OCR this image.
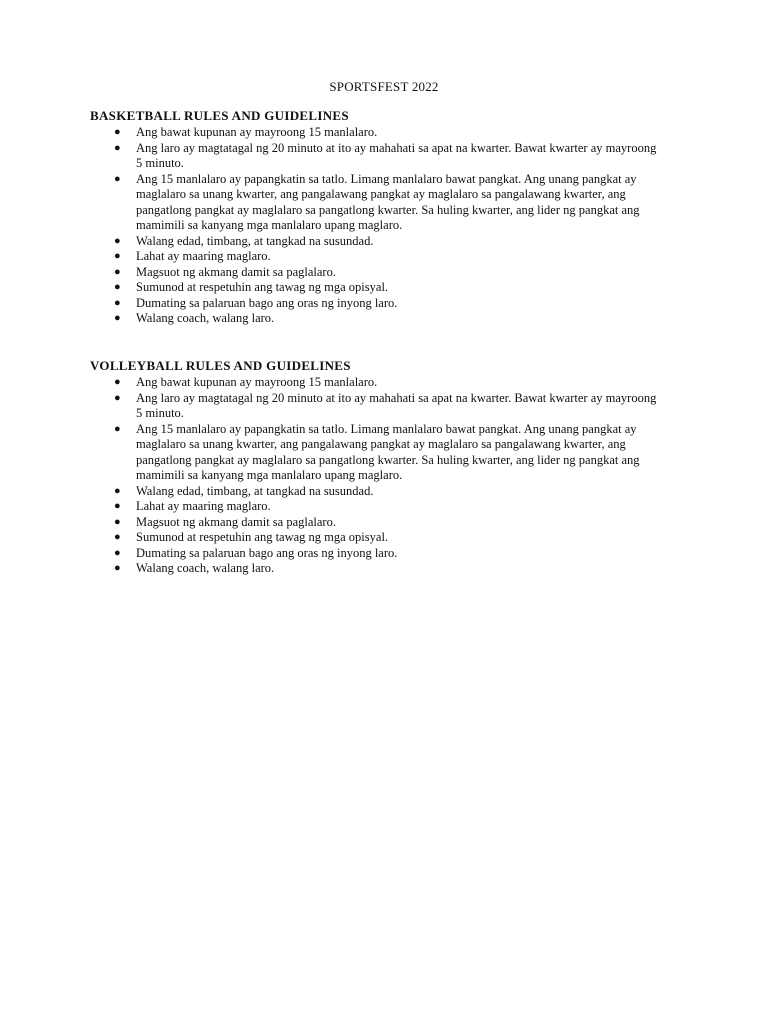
SPORTSFEST 2022
BASKETBALL RULES AND GUIDELINES
● Ang bawat kupunan ay mayroong 15 manlalaro.
● Ang laro ay magtatagal ng 20 minuto at ito ay mahahati sa apat na kwarter. Bawat kwarter ay mayroong 5 minuto.
● Ang 15 manlalaro ay papangkatin sa tatlo. Limang manlalaro bawat pangkat. Ang unang pangkat ay maglalaro sa unang kwarter, ang pangalawang pangkat ay maglalaro sa pangalawang kwarter, ang pangatlong pangkat ay maglalaro sa pangatlong kwarter. Sa huling kwarter, ang lider ng pangkat ang mamimili sa kanyang mga manlalaro upang maglaro.
● Walang edad, timbang, at tangkad na susundad.
● Lahat ay maaring maglaro.
● Magsuot ng akmang damit sa paglalaro.
● Sumunod at respetuhin ang tawag ng mga opisyal.
● Dumating sa palaruan bago ang oras ng inyong laro.
● Walang coach, walang laro.
VOLLEYBALL RULES AND GUIDELINES
● Ang bawat kupunan ay mayroong 15 manlalaro.
● Ang laro ay magtatagal ng 20 minuto at ito ay mahahati sa apat na kwarter. Bawat kwarter ay mayroong 5 minuto.
● Ang 15 manlalaro ay papangkatin sa tatlo. Limang manlalaro bawat pangkat. Ang unang pangkat ay maglalaro sa unang kwarter, ang pangalawang pangkat ay maglalaro sa pangalawang kwarter, ang pangatlong pangkat ay maglalaro sa pangatlong kwarter. Sa huling kwarter, ang lider ng pangkat ang mamimili sa kanyang mga manlalaro upang maglaro.
● Walang edad, timbang, at tangkad na susundad.
● Lahat ay maaring maglaro.
● Magsuot ng akmang damit sa paglalaro.
● Sumunod at respetuhin ang tawag ng mga opisyal.
● Dumating sa palaruan bago ang oras ng inyong laro.
● Walang coach, walang laro.
